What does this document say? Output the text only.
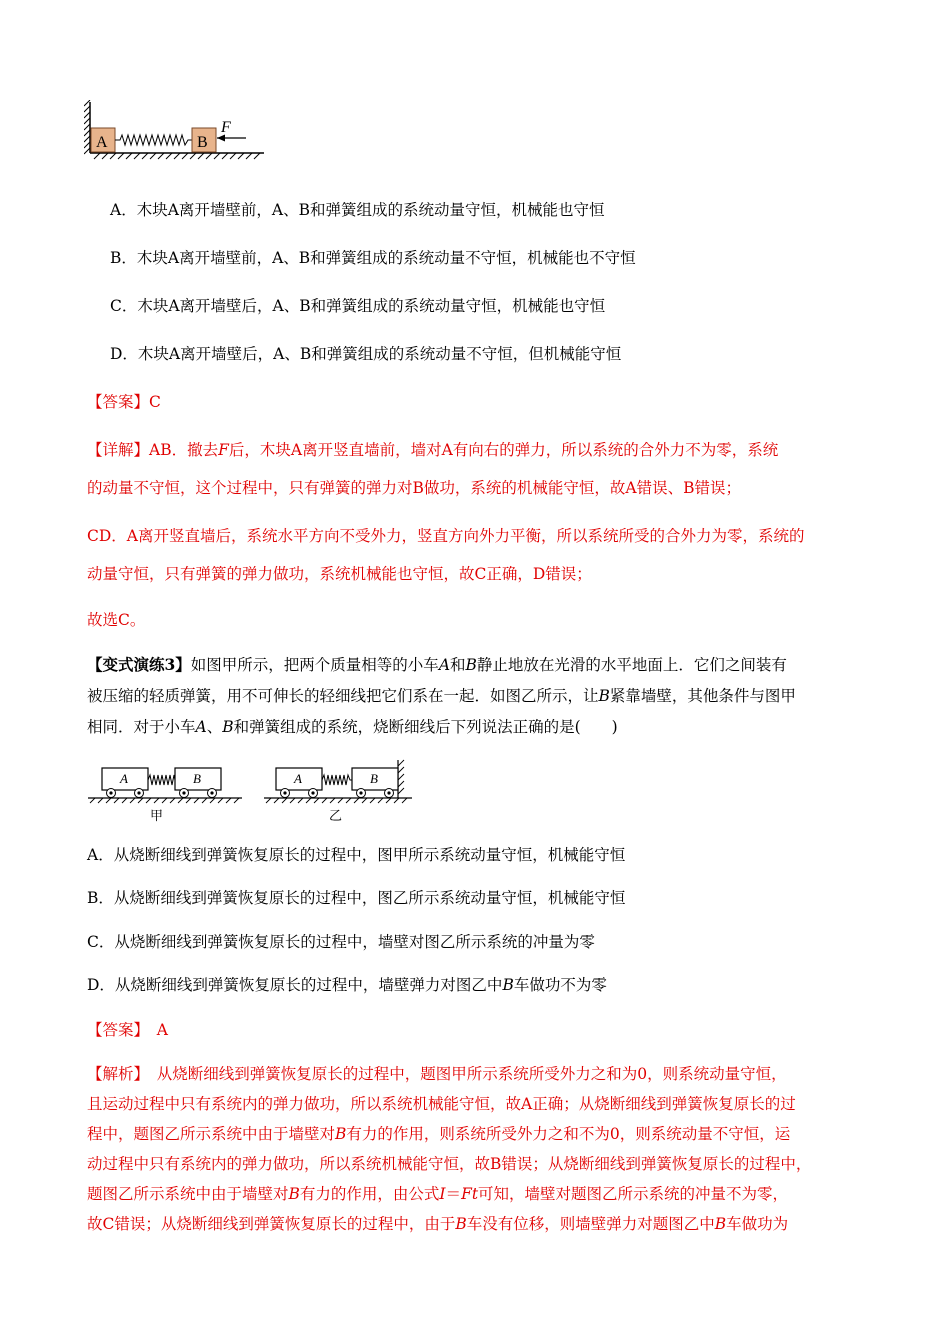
A	B
F
A．木块A离开墙壁前，A、B和弹簧组成的系统动量守恒，机械能也守恒
B．木块A离开墙壁前，A、B和弹簧组成的系统动量不守恒，机械能也不守恒
C．木块A离开墙壁后，A、B和弹簧组成的系统动量守恒，机械能也守恒
D．木块A离开墙壁后，A、B和弹簧组成的系统动量不守恒，但机械能守恒
【答案】C
【详解】AB．撤去F后，木块A离开竖直墙前，墙对A有向右的弹力，所以系统的合外力不为零，系统
的动量不守恒，这个过程中，只有弹簧的弹力对B做功，系统的机械能守恒，故A错误、B错误；
CD．A离开竖直墙后，系统水平方向不受外力，竖直方向外力平衡，所以系统所受的合外力为零，系统的
动量守恒，只有弹簧的弹力做功，系统机械能也守恒，故C正确，D错误；
故选C。
【变式演练3】如图甲所示，把两个质量相等的小车A和B静止地放在光滑的水平地面上．它们之间装有
被压缩的轻质弹簧，用不可伸长的轻细线把它们系在一起．如图乙所示，让B紧靠墙壁，其他条件与图甲
相同．对于小车A、B和弹簧组成的系统，烧断细线后下列说法正确的是(　　)
A	B
甲
A	B
乙
A．从烧断细线到弹簧恢复原长的过程中，图甲所示系统动量守恒，机械能守恒
B．从烧断细线到弹簧恢复原长的过程中，图乙所示系统动量守恒，机械能守恒
C．从烧断细线到弹簧恢复原长的过程中，墙壁对图乙所示系统的冲量为零
D．从烧断细线到弹簧恢复原长的过程中，墙壁弹力对图乙中B车做功不为零
【答案】　A
【解析】　从烧断细线到弹簧恢复原长的过程中，题图甲所示系统所受外力之和为0，则系统动量守恒，
且运动过程中只有系统内的弹力做功，所以系统机械能守恒，故A正确；从烧断细线到弹簧恢复原长的过
程中，题图乙所示系统中由于墙壁对B有力的作用，则系统所受外力之和不为0，则系统动量不守恒，运
动过程中只有系统内的弹力做功，所以系统机械能守恒，故B错误；从烧断细线到弹簧恢复原长的过程中，
题图乙所示系统中由于墙壁对B有力的作用，由公式I＝Ft可知，墙壁对题图乙所示系统的冲量不为零，
故C错误；从烧断细线到弹簧恢复原长的过程中，由于B车没有位移，则墙壁弹力对题图乙中B车做功为
